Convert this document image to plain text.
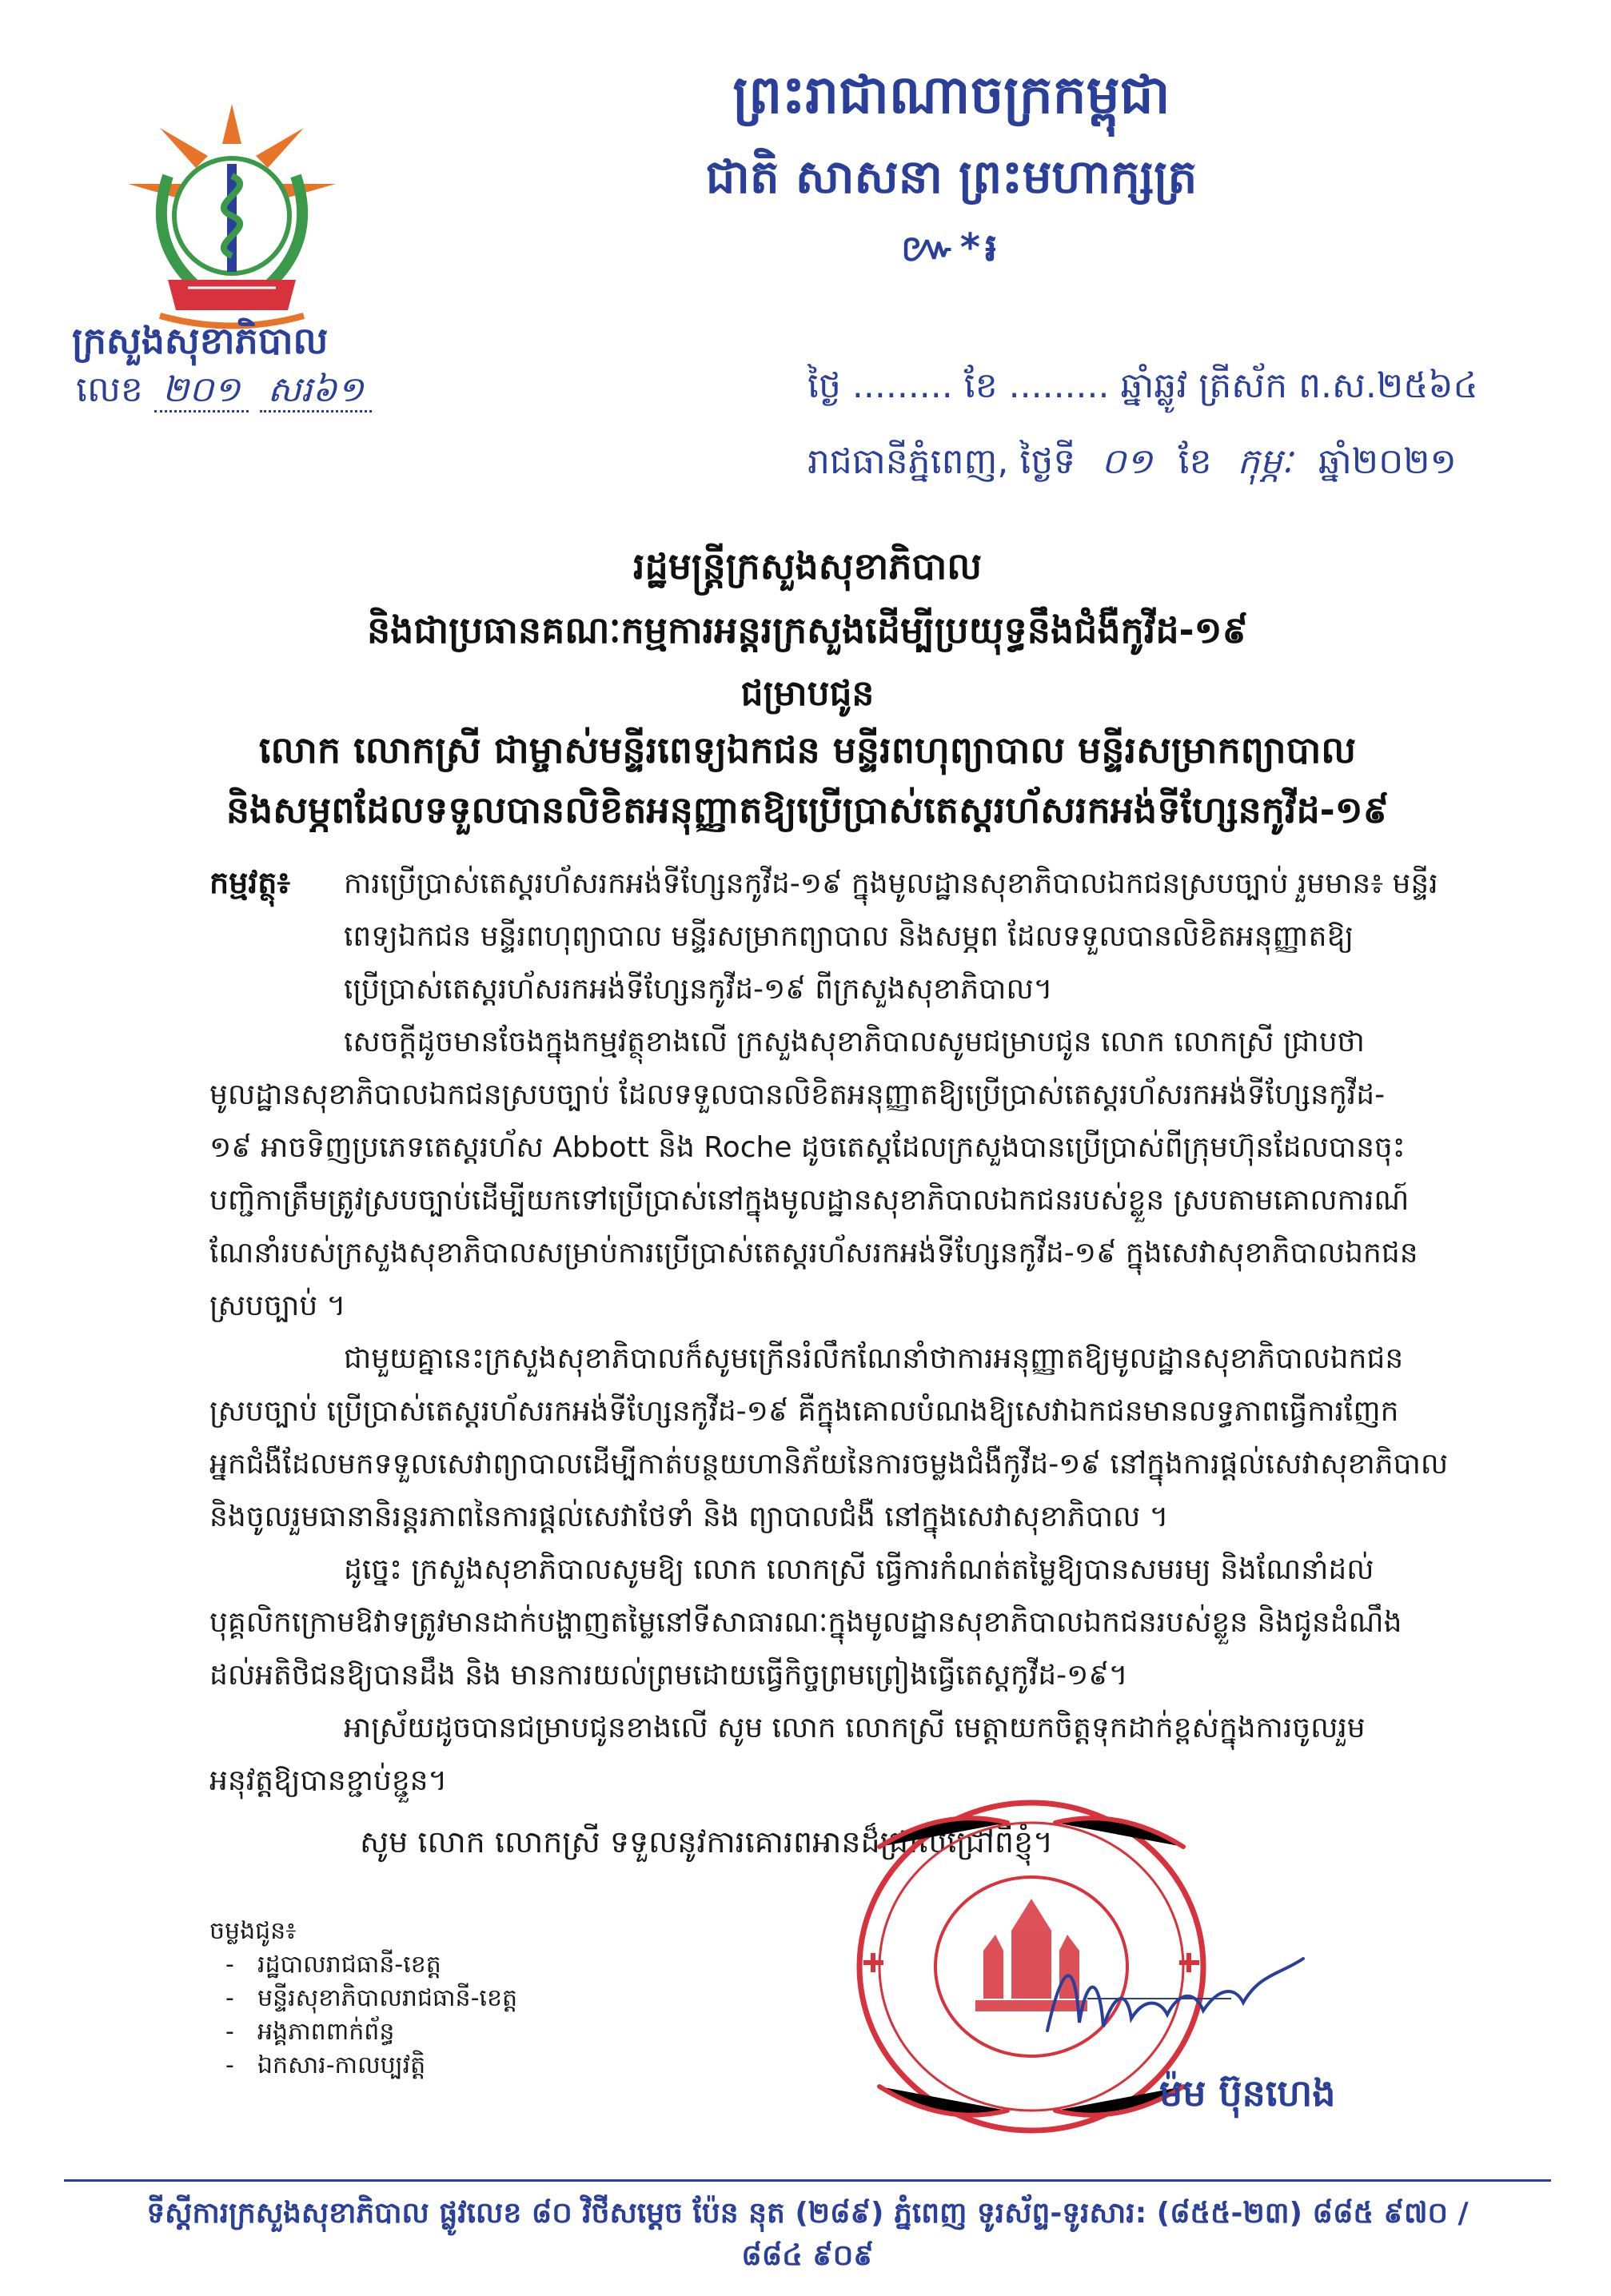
ព្រះរាជាណាចក្រកម្ពុជា
ជាតិ សាសនា ព្រះមហាក្សត្រ
៚*៛
ក្រសួងសុខាភិបាល
លេខ ២០១ សរ៦១	ថ្ងៃ ......... ខែ ......... ឆ្នាំឆ្លូវ ត្រីស័ក ព.ស.២៥៦៤
រាជធានីភ្នំពេញ, ថ្ងៃទី ០១ ខែ កុម្ភៈ ឆ្នាំ២០២១
រដ្ឋមន្ត្រីក្រសួងសុខាភិបាល
និងជាប្រធានគណៈកម្មការអន្តរក្រសួងដើម្បីប្រយុទ្ធនឹងជំងឺកូវីដ-១៩
ជម្រាបជូន
លោក លោកស្រី ជាម្ចាស់មន្ទីរពេទ្យឯកជន មន្ទីរពហុព្យាបាល មន្ទីរសម្រាកព្យាបាល
និងសម្ភពដែលទទួលបានលិខិតអនុញ្ញាតឱ្យប្រើប្រាស់តេស្តរហ័សរកអង់ទីហ្សែនកូវីដ-១៩
កម្មវត្ថុ៖ ការប្រើប្រាស់តេស្តរហ័សរកអង់ទីហ្សែនកូវីដ-១៩ ក្នុងមូលដ្ឋានសុខាភិបាលឯកជនស្របច្បាប់ រួមមាន៖ មន្ទីរ
ពេទ្យឯកជន មន្ទីរពហុព្យាបាល មន្ទីរសម្រាកព្យាបាល និងសម្ភព ដែលទទួលបានលិខិតអនុញ្ញាតឱ្យ
ប្រើប្រាស់តេស្តរហ័សរកអង់ទីហ្សែនកូវីដ-១៩ ពីក្រសួងសុខាភិបាល។
សេចក្តីដូចមានចែងក្នុងកម្មវត្ថុខាងលើ ក្រសួងសុខាភិបាលសូមជម្រាបជូន លោក លោកស្រី ជ្រាបថា
មូលដ្ឋានសុខាភិបាលឯកជនស្របច្បាប់ ដែលទទួលបានលិខិតអនុញ្ញាតឱ្យប្រើប្រាស់តេស្តរហ័សរកអង់ទីហ្សែនកូវីដ-
១៩ អាចទិញប្រភេទតេស្តរហ័ស Abbott និង Roche ដូចតេស្តដែលក្រសួងបានប្រើប្រាស់ពីក្រុមហ៊ុនដែលបានចុះ
បញ្ជិកាត្រឹមត្រូវស្របច្បាប់ដើម្បីយកទៅប្រើប្រាស់នៅក្នុងមូលដ្ឋានសុខាភិបាលឯកជនរបស់ខ្លួន ស្របតាមគោលការណ៍
ណែនាំរបស់ក្រសួងសុខាភិបាលសម្រាប់ការប្រើប្រាស់តេស្តរហ័សរកអង់ទីហ្សែនកូវីដ-១៩ ក្នុងសេវាសុខាភិបាលឯកជន
ស្របច្បាប់ ។
ជាមួយគ្នានេះក្រសួងសុខាភិបាលក៏សូមក្រើនរំលឹកណែនាំថាការអនុញ្ញាតឱ្យមូលដ្ឋានសុខាភិបាលឯកជន
ស្របច្បាប់ ប្រើប្រាស់តេស្តរហ័សរកអង់ទីហ្សែនកូវីដ-១៩ គឺក្នុងគោលបំណងឱ្យសេវាឯកជនមានលទ្ធភាពធ្វើការញែក
អ្នកជំងឺដែលមកទទួលសេវាព្យាបាលដើម្បីកាត់បន្ថយហានិភ័យនៃការចម្លងជំងឺកូវីដ-១៩ នៅក្នុងការផ្តល់សេវាសុខាភិបាល
និងចូលរួមធានានិរន្តរភាពនៃការផ្តល់សេវាថែទាំ និង ព្យាបាលជំងឺ នៅក្នុងសេវាសុខាភិបាល ។
ដូច្នេះ ក្រសួងសុខាភិបាលសូមឱ្យ លោក លោកស្រី ធ្វើការកំណត់តម្លៃឱ្យបានសមរម្យ និងណែនាំដល់
បុគ្គលិកក្រោមឱវាទត្រូវមានដាក់បង្ហាញតម្លៃនៅទីសាធារណៈក្នុងមូលដ្ឋានសុខាភិបាលឯកជនរបស់ខ្លួន និងជូនដំណឹង
ដល់អតិថិជនឱ្យបានដឹង និង មានការយល់ព្រមដោយធ្វើកិច្ចព្រមព្រៀងធ្វើតេស្តកូវីដ-១៩។
អាស្រ័យដូចបានជម្រាបជូនខាងលើ សូម លោក លោកស្រី មេត្តាយកចិត្តទុកដាក់ខ្ពស់ក្នុងការចូលរួម
អនុវត្តឱ្យបានខ្ជាប់ខ្ជួន។
សូម លោក លោកស្រី ទទួលនូវការគោរពអានដ៏ជ្រាលជ្រៅពីខ្ញុំ។
ចម្លងជូន៖
- រដ្ឋបាលរាជធានី-ខេត្ត
- មន្ទីរសុខាភិបាលរាជធានី-ខេត្ត
- អង្គភាពពាក់ព័ន្ធ
- ឯកសារ-កាលប្បវត្តិ
ម៉ម ប៊ុនហេង
ទីស្តីការក្រសួងសុខាភិបាល ផ្លូវលេខ ៨០ វិថីសម្តេច ប៉ែន នុត (២៨៩) ភ្នំពេញ ទូរស័ព្ទ-ទូរសារ: (៨៥៥-២៣) ៨៨៥ ៩៧០ / ៨៨៤ ៩០៩
